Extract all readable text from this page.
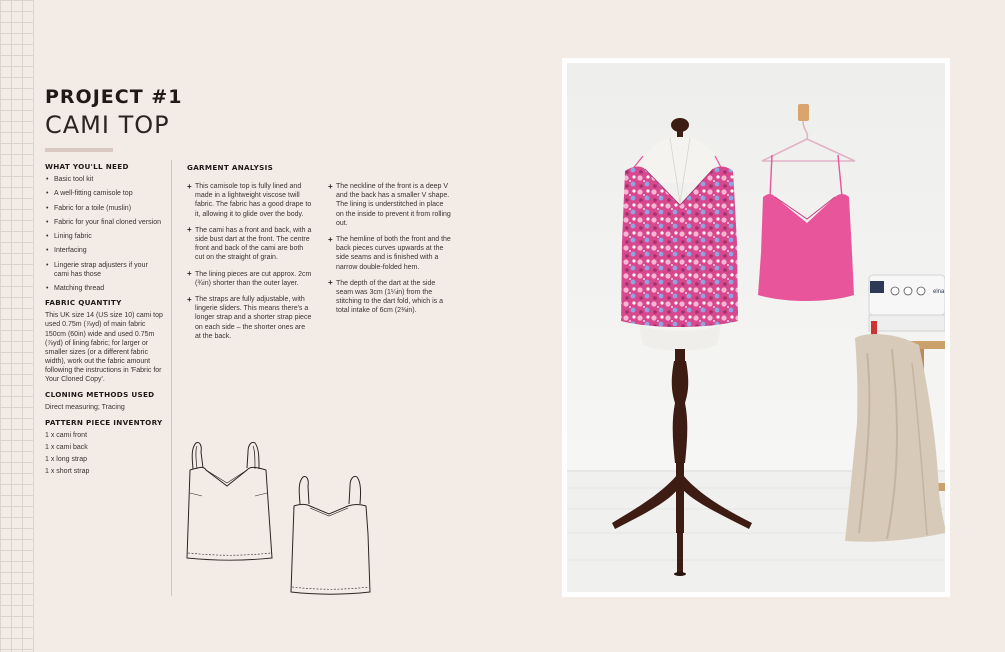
PROJECT #1
CAMI TOP
WHAT YOU'LL NEED
• Basic tool kit
• A well-fitting camisole top
• Fabric for a toile (muslin)
• Fabric for your final cloned version
• Lining fabric
• Interfacing
• Lingerie strap adjusters if your cami has those
• Matching thread
FABRIC QUANTITY

This UK size 14 (US size 10) cami top used 0.75m (⅞yd) of main fabric 150cm (60in) wide and used 0.75m (⅞yd) of lining fabric; for larger or smaller sizes (or a different fabric width), work out the fabric amount following the instructions in 'Fabric for Your Cloned Copy'.

CLONING METHODS USED

Direct measuring; Tracing

PATTERN PIECE INVENTORY
1 x cami front
1 x cami back
1 x long strap
1 x short strap
GARMENT ANALYSIS
+ This camisole top is fully lined and made in a lightweight viscose twill fabric. The fabric has a good drape to it, allowing it to glide over the body.
+ The cami has a front and back, with a side bust dart at the front. The centre front and back of the cami are both cut on the straight of grain.
+ The lining pieces are cut approx. 2cm (¾in) shorter than the outer layer.
+ The straps are fully adjustable, with lingerie sliders. This means there's a longer strap and a shorter strap piece on each side – the shorter ones are at the back.
+ The neckline of the front is a deep V and the back has a smaller V shape. The lining is understitched in place on the inside to prevent it from rolling out.
+ The hemline of both the front and the back pieces curves upwards at the side seams and is finished with a narrow double-folded hem.
+ The depth of the dart at the side seam was 3cm (1¼in) from the stitching to the dart fold, which is a total intake of 6cm (2⅜in).
elna
